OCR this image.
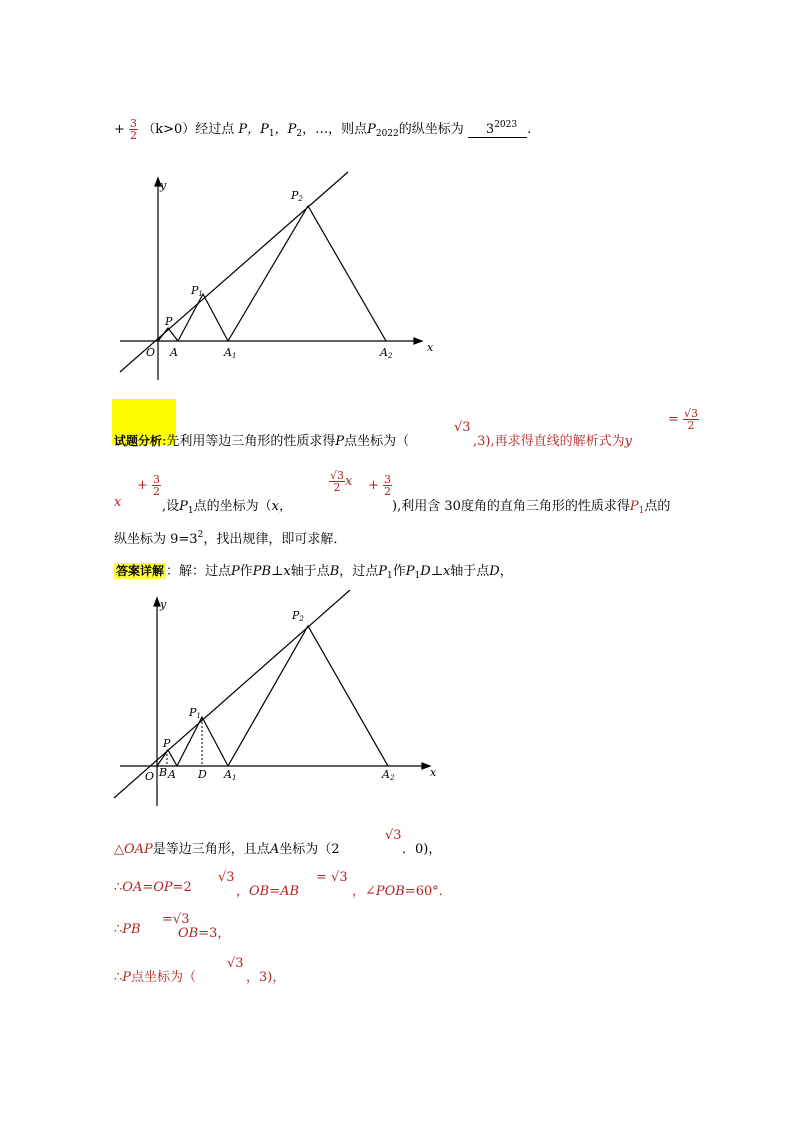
+ $\frac{3}{2} (k>0)$经过点 P，$P_1$，$P_2$，…，则点$P_{2022}$的纵坐标为 $3^{2023}$ .
y
x
O A	A1	A2
P
P1
P2
试题分析:先利用等边三角形的性质求得P点坐标为（
√3
,3),再求得直线的解析式为y
= $\frac{√3}{2}$
x
+ $\frac{3}{2}$
,设$P_1$点的坐标为（x，
$\frac{√3}{2}$ $x + \frac{3}{2}$
),利用含 30度角的直角三角形的性质求得$P_1$点的
纵坐标为 $9=3^2$，找出规律，即可求解．
答案详解 ：解：过点P作PB⊥x轴于点B，过点$P_1$作$P_1D\perp x$轴于点D，
y
x
O B A D A1	A2
P
P1
P2
△OAP是等边三角形，且点A坐标为（2
√3
．0)，
∴OA=OP=2
√3
，OB=AB
= √3
，∠POB=60°．
∴PB
=√3
OB=3，
∴P点坐标为（
√3
，3)，
